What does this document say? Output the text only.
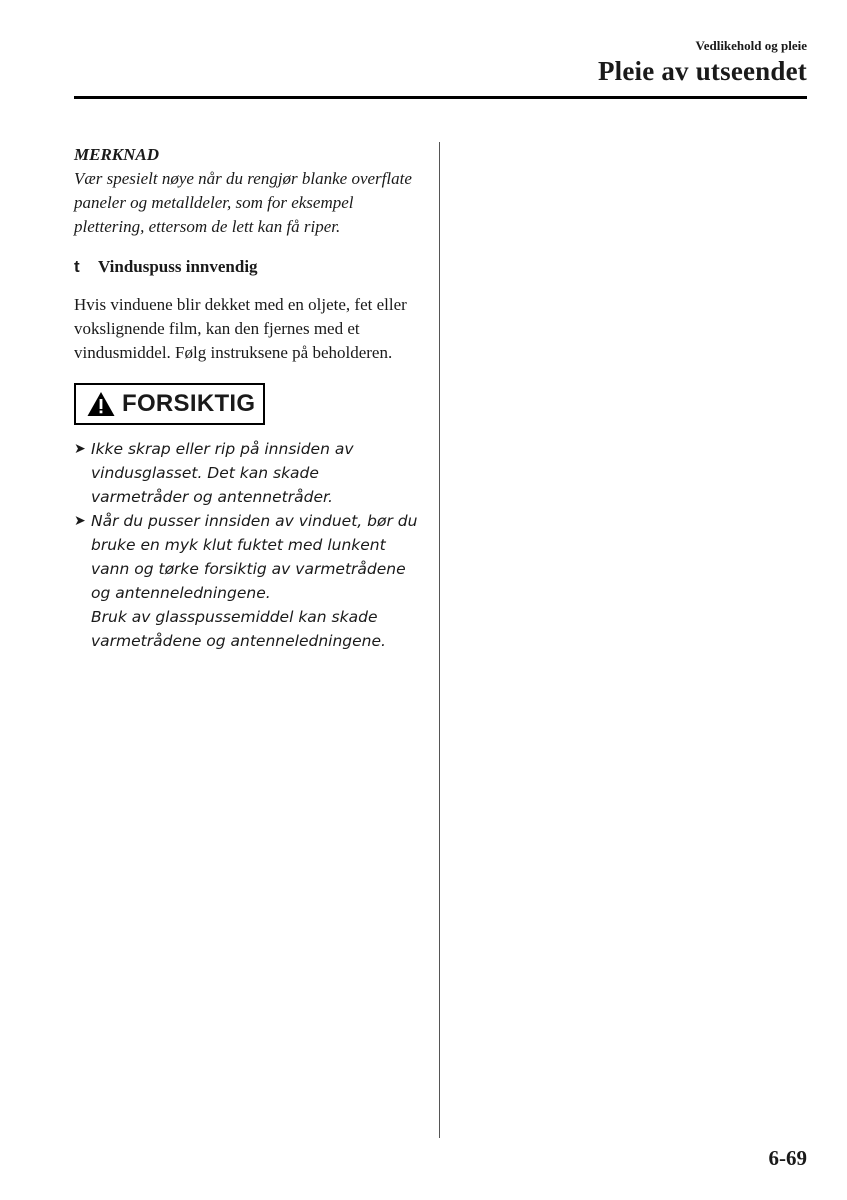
Vedlikehold og pleie
Pleie av utseendet
MERKNAD

Vær spesielt nøye når du rengjør blanke overflate paneler og metalldeler, som for eksempel plettering, ettersom de lett kan få riper.

t	Vinduspuss innvendig
Hvis vinduene blir dekket med en oljete, fet eller vokslignende film, kan den fjernes med et vindusmiddel. Følg instruksene på beholderen.
FORSIKTIG
➤ Ikke skrap eller rip på innsiden av vindusglasset. Det kan skade varmetråder og antennetråder.
➤ Når du pusser innsiden av vinduet, bør du bruke en myk klut fuktet med lunkent vann og tørke forsiktig av varmetrådene og antenneledningene.
Bruk av glasspussemiddel kan skade varmetrådene og antenneledningene.
6-69
